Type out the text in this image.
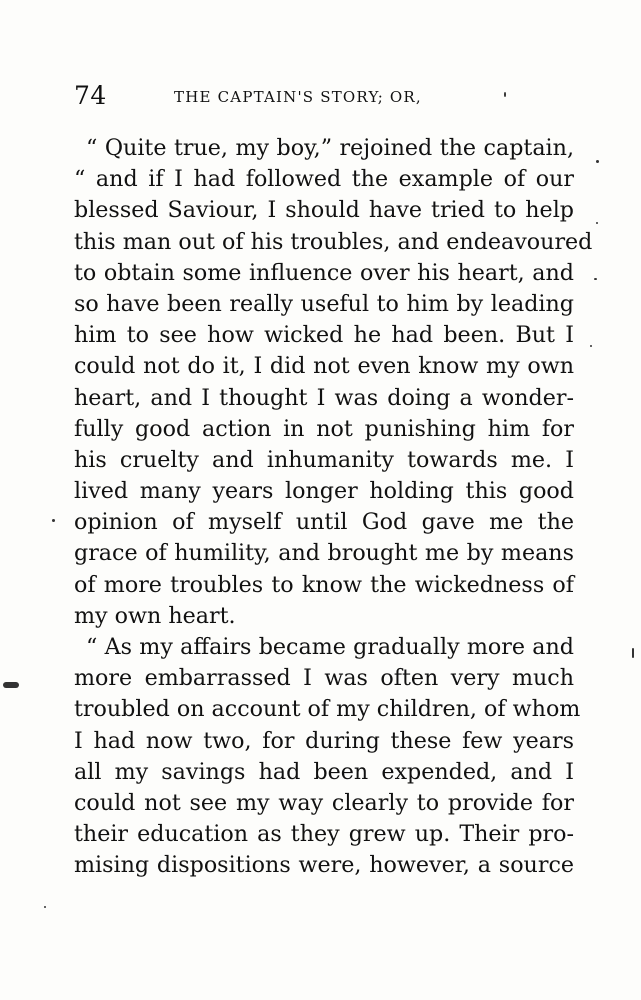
74	THE CAPTAIN'S STORY; OR,
“ Quite true, my boy,” rejoined the captain,
“ and if I had followed the example of our
blessed Saviour, I should have tried to help
this man out of his troubles, and endeavoured
to obtain some influence over his heart, and
so have been really useful to him by leading
him to see how wicked he had been. But I
could not do it, I did not even know my own
heart, and I thought I was doing a wonder-
fully good action in not punishing him for
his cruelty and inhumanity towards me. I
lived many years longer holding this good
opinion of myself until God gave me the
grace of humility, and brought me by means
of more troubles to know the wickedness of
my own heart.
“ As my affairs became gradually more and
more embarrassed I was often very much
troubled on account of my children, of whom
I had now two, for during these few years
all my savings had been expended, and I
could not see my way clearly to provide for
their education as they grew up. Their pro-
mising dispositions were, however, a source
